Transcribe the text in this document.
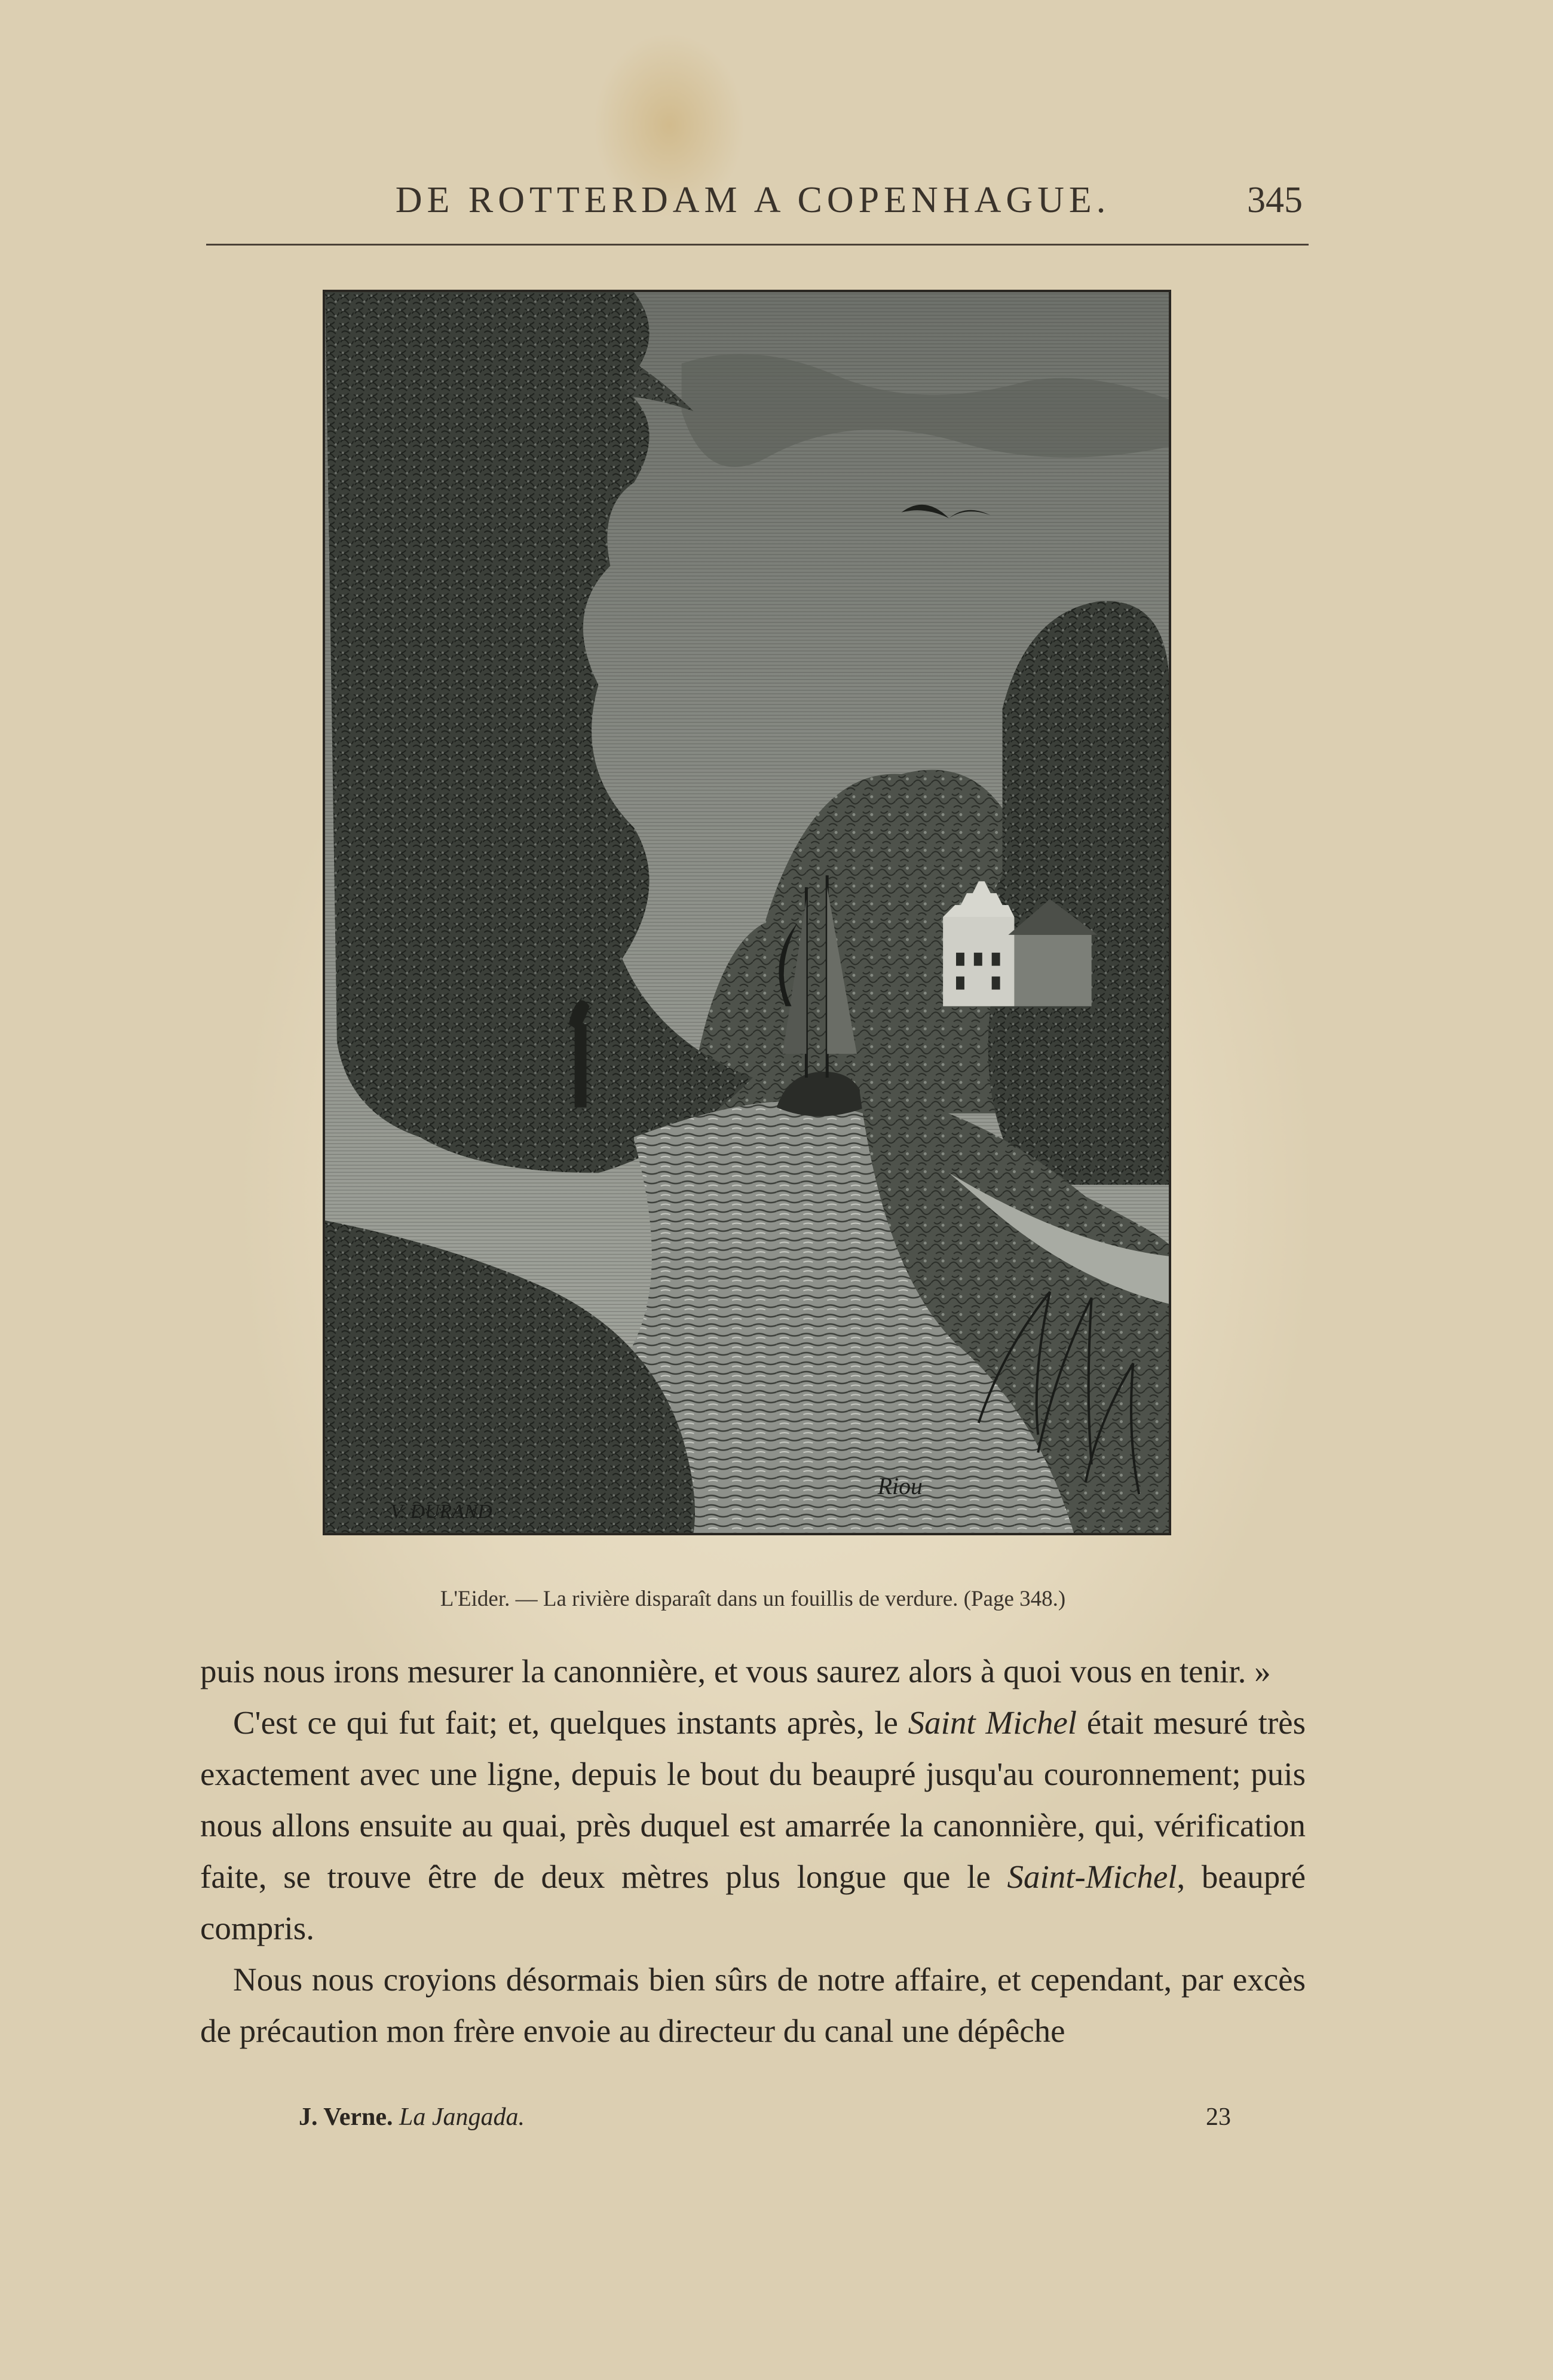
DE ROTTERDAM A COPENHAGUE.	345
V. DURAND
Riou
L'Eider. — La rivière disparaît dans un fouillis de verdure. (Page 348.)

puis nous irons mesurer la canonnière, et vous saurez alors à quoi vous en tenir. »

C'est ce qui fut fait; et, quelques instants après, le Saint Michel était mesuré très exactement avec une ligne, depuis le bout du beaupré jusqu'au couronnement; puis nous allons ensuite au quai, près duquel est amarrée la canonnière, qui, vérification faite, se trouve être de deux mètres plus longue que le Saint-Michel, beaupré compris.

Nous nous croyions désormais bien sûrs de notre affaire, et cependant, par excès de précaution mon frère envoie au directeur du canal une dépêche

J. Verne. La Jangada.	23
